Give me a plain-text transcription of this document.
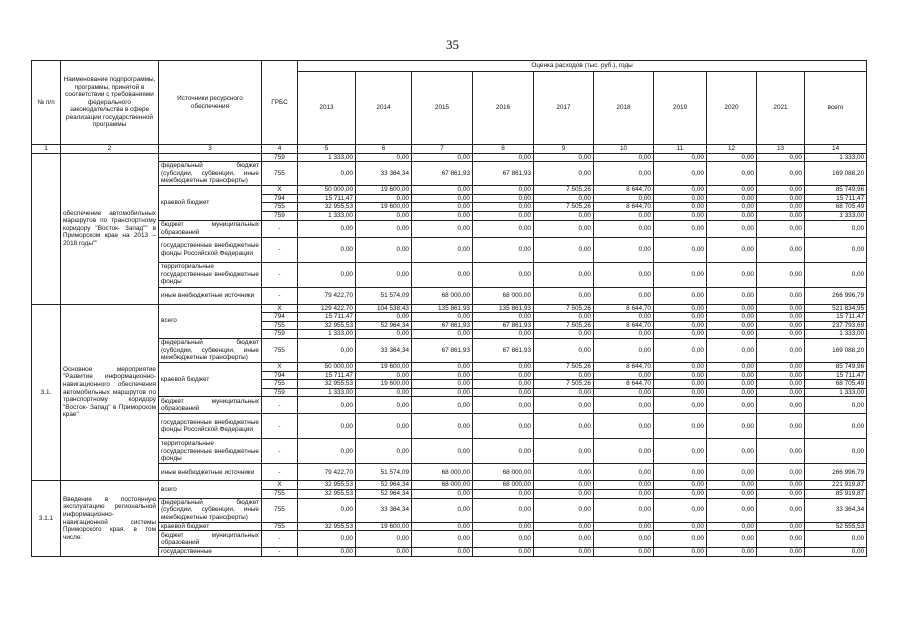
35
№ п/п	Наименование подпрограммы, программы, принятой в соответствии с требованиями федерального законодательства в сфере реализации государственной программы	Источники ресурсного обеспечения	ГРБС	Оценка расходов (тыс. руб.), годы									
				2013	2014	2015	2016	2017	2018	2019	2020	2021	всего
1	2	3	4	5	6	7	8	9	10	11	12	13	14
	обеспечение автомобильных маршрутов по транспортному коридору "Восток- Запад"" в Приморском крае на 2013 – 2018 годы""		759	1 333,00	0,00	0,00	0,00	0,00	0,00	0,00	0,00	0,00	1 333,00
		федеральный бюджет (субсидии, субвенции, иные межбюджетные трансферты)	755	0,00	33 364,34	67 861,93	67 861,93	0,00	0,00	0,00	0,00	0,00	169 088,20
		краевой бюджет	X	50 000,00	19 600,00	0,00	0,00	7 505,26	8 644,70	0,00	0,00	0,00	85 749,96
			794	15 711,47	0,00	0,00	0,00	0,00	0,00	0,00	0,00	0,00	15 711,47
			755	32 955,53	19 600,00	0,00	0,00	7 505,26	8 644,70	0,00	0,00	0,00	68 705,49
			759	1 333,00	0,00	0,00	0,00	0,00	0,00	0,00	0,00	0,00	1 333,00
		бюджет муниципальных образований	-	0,00	0,00	0,00	0,00	0,00	0,00	0,00	0,00	0,00	0,00
		государственные внебюджетные фонды Российской Федерации	-	0,00	0,00	0,00	0,00	0,00	0,00	0,00	0,00	0,00	0,00
		территориальные государственные внебюджетные фонды	-	0,00	0,00	0,00	0,00	0,00	0,00	0,00	0,00	0,00	0,00
		иные внебюджетные источники	-	79 422,70	51 574,09	68 000,00	68 000,00	0,00	0,00	0,00	0,00	0,00	266 996,79
3.1.	Основное мероприятие "Развитие информационно- навигационного обеспечения автомобильных маршрутов по транспортному коридору "Восток- Запад" в Приморском крае"	всего	X	129 422,70	104 538,43	135 861,93	135 861,93	7 505,26	8 644,70	0,00	0,00	0,00	521 834,95
			794	15 711,47	0,00	0,00	0,00	0,00	0,00	0,00	0,00	0,00	15 711,47
			755	32 955,53	52 964,34	67 861,93	67 861,93	7 505,26	8 644,70	0,00	0,00	0,00	237 793,69
			759	1 333,00	0,00	0,00	0,00	0,00	0,00	0,00	0,00	0,00	1 333,00
		федеральный бюджет (субсидии, субвенции, иные межбюджетные трансферты)	755	0,00	33 364,34	67 861,93	67 861,93	0,00	0,00	0,00	0,00	0,00	169 088,20
		краевой бюджет	X	50 000,00	19 600,00	0,00	0,00	7 505,26	8 644,70	0,00	0,00	0,00	85 749,96
			794	15 711,47	0,00	0,00	0,00	0,00	0,00	0,00	0,00	0,00	15 711,47
			755	32 955,53	19 600,00	0,00	0,00	7 505,26	8 644,70	0,00	0,00	0,00	68 705,49
			759	1 333,00	0,00	0,00	0,00	0,00	0,00	0,00	0,00	0,00	1 333,00
		бюджет муниципальных образований	-	0,00	0,00	0,00	0,00	0,00	0,00	0,00	0,00	0,00	0,00
		государственные внебюджетные фонды Российской Федерации	-	0,00	0,00	0,00	0,00	0,00	0,00	0,00	0,00	0,00	0,00
		территориальные государственные внебюджетные фонды	-	0,00	0,00	0,00	0,00	0,00	0,00	0,00	0,00	0,00	0,00
		иные внебюджетные источники	-	79 422,70	51 574,09	68 000,00	68 000,00	0,00	0,00	0,00	0,00	0,00	266 996,79
3.1.1	Введение в постоянную эксплуатацию региональной информационно- навигационной системы Приморского края, в том числе:	всего	X	32 955,53	52 964,34	68 000,00	68 000,00	0,00	0,00	0,00	0,00	0,00	221 919,87
			755	32 955,53	52 964,34	0,00	0,00	0,00	0,00	0,00	0,00	0,00	85 919,87
		федеральный бюджет (субсидии, субвенции, иные межбюджетные трансферты)	755	0,00	33 364,34	0,00	0,00	0,00	0,00	0,00	0,00	0,00	33 364,34
		краевой бюджет	755	32 955,53	19 600,00	0,00	0,00	0,00	0,00	0,00	0,00	0,00	52 555,53
		бюджет муниципальных образований	-	0,00	0,00	0,00	0,00	0,00	0,00	0,00	0,00	0,00	0,00
		государственные	-	0,00	0,00	0,00	0,00	0,00	0,00	0,00	0,00	0,00	0,00
